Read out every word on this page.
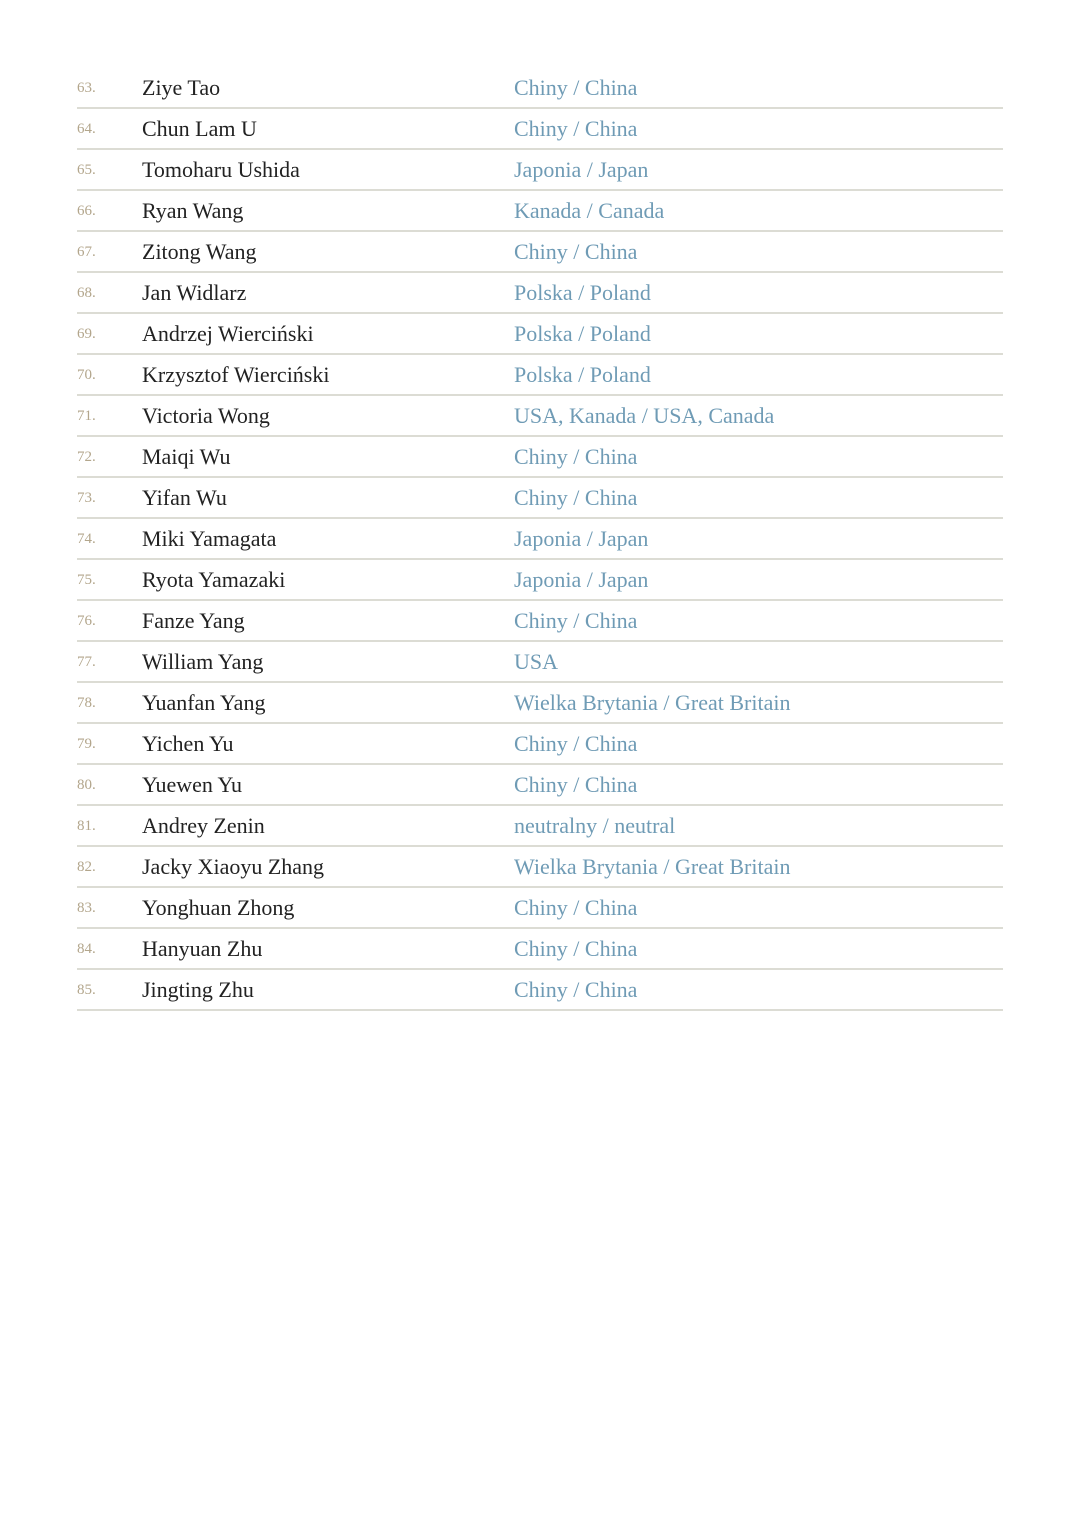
63.	Ziye Tao	Chiny / China
64.	Chun Lam U	Chiny / China
65.	Tomoharu Ushida	Japonia / Japan
66.	Ryan Wang	Kanada / Canada
67.	Zitong Wang	Chiny / China
68.	Jan Widlarz	Polska / Poland
69.	Andrzej Wierciński	Polska / Poland
70.	Krzysztof Wierciński	Polska / Poland
71.	Victoria Wong	USA, Kanada / USA, Canada
72.	Maiqi Wu	Chiny / China
73.	Yifan Wu	Chiny / China
74.	Miki Yamagata	Japonia / Japan
75.	Ryota Yamazaki	Japonia / Japan
76.	Fanze Yang	Chiny / China
77.	William Yang	USA
78.	Yuanfan Yang	Wielka Brytania / Great Britain
79.	Yichen Yu	Chiny / China
80.	Yuewen Yu	Chiny / China
81.	Andrey Zenin	neutralny / neutral
82.	Jacky Xiaoyu Zhang	Wielka Brytania / Great Britain
83.	Yonghuan Zhong	Chiny / China
84.	Hanyuan Zhu	Chiny / China
85.	Jingting Zhu	Chiny / China
